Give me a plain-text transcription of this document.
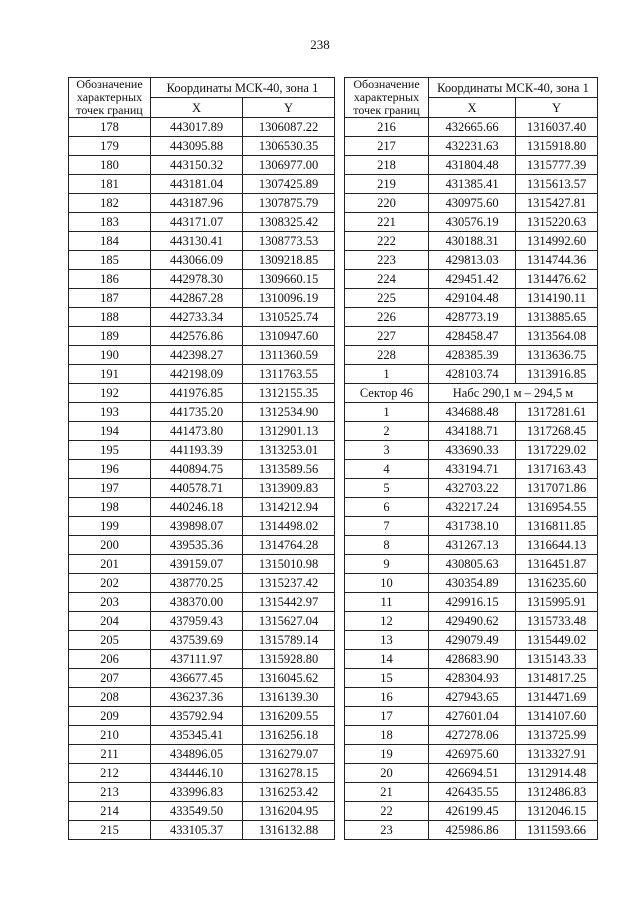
238
Обозначение характерных точек границ	Координаты МСК-40, зона 1	
	X	Y
178	443017.89	1306087.22
179	443095.88	1306530.35
180	443150.32	1306977.00
181	443181.04	1307425.89
182	443187.96	1307875.79
183	443171.07	1308325.42
184	443130.41	1308773.53
185	443066.09	1309218.85
186	442978.30	1309660.15
187	442867.28	1310096.19
188	442733.34	1310525.74
189	442576.86	1310947.60
190	442398.27	1311360.59
191	442198.09	1311763.55
192	441976.85	1312155.35
193	441735.20	1312534.90
194	441473.80	1312901.13
195	441193.39	1313253.01
196	440894.75	1313589.56
197	440578.71	1313909.83
198	440246.18	1314212.94
199	439898.07	1314498.02
200	439535.36	1314764.28
201	439159.07	1315010.98
202	438770.25	1315237.42
203	438370.00	1315442.97
204	437959.43	1315627.04
205	437539.69	1315789.14
206	437111.97	1315928.80
207	436677.45	1316045.62
208	436237.36	1316139.30
209	435792.94	1316209.55
210	435345.41	1316256.18
211	434896.05	1316279.07
212	434446.10	1316278.15
213	433996.83	1316253.42
214	433549.50	1316204.95
215	433105.37	1316132.88
Обозначение характерных точек границ	Координаты МСК-40, зона 1	
	X	Y
216	432665.66	1316037.40
217	432231.63	1315918.80
218	431804.48	1315777.39
219	431385.41	1315613.57
220	430975.60	1315427.81
221	430576.19	1315220.63
222	430188.31	1314992.60
223	429813.03	1314744.36
224	429451.42	1314476.62
225	429104.48	1314190.11
226	428773.19	1313885.65
227	428458.47	1313564.08
228	428385.39	1313636.75
1	428103.74	1313916.85
Сектор 46	Набс 290,1 м – 294,5 м	
1	434688.48	1317281.61
2	434188.71	1317268.45
3	433690.33	1317229.02
4	433194.71	1317163.43
5	432703.22	1317071.86
6	432217.24	1316954.55
7	431738.10	1316811.85
8	431267.13	1316644.13
9	430805.63	1316451.87
10	430354.89	1316235.60
11	429916.15	1315995.91
12	429490.62	1315733.48
13	429079.49	1315449.02
14	428683.90	1315143.33
15	428304.93	1314817.25
16	427943.65	1314471.69
17	427601.04	1314107.60
18	427278.06	1313725.99
19	426975.60	1313327.91
20	426694.51	1312914.48
21	426435.55	1312486.83
22	426199.45	1312046.15
23	425986.86	1311593.66
